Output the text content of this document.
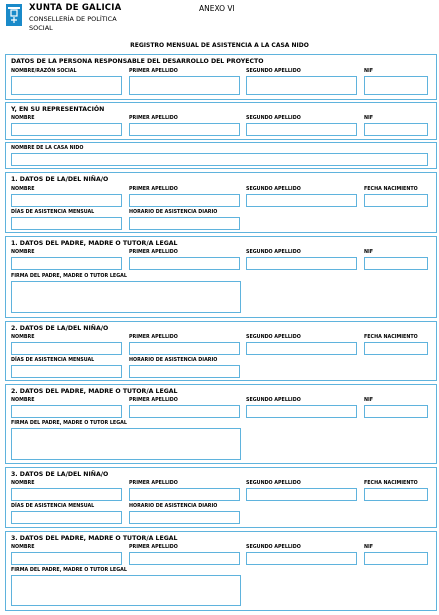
XUNTA DE GALICIA
CONSELLERÍA DE POLÍTICA
SOCIAL
ANEXO VI
REGISTRO MENSUAL DE ASISTENCIA A LA CASA NIDO
DATOS DE LA PERSONA RESPONSABLE DEL DESARROLLO DEL PROYECTO
NOMBRE/RAZÓN SOCIAL	PRIMER APELLIDO	SEGUNDO APELLIDO	NIF
Y, EN SU REPRESENTACIÓN
NOMBRE	PRIMER APELLIDO	SEGUNDO APELLIDO	NIF
NOMBRE DE LA CASA NIDO
1. DATOS DE LA/DEL NIÑA/O
NOMBRE	PRIMER APELLIDO	SEGUNDO APELLIDO	FECHA NACIMIENTO
DÍAS DE ASISTENCIA MENSUAL	HORARIO DE ASISTENCIA DIARIO
1. DATOS DEL PADRE, MADRE O TUTOR/A LEGAL
NOMBRE	PRIMER APELLIDO	SEGUNDO APELLIDO	NIF
FIRMA DEL PADRE, MADRE O TUTOR LEGAL
2. DATOS DE LA/DEL NIÑA/O
NOMBRE	PRIMER APELLIDO	SEGUNDO APELLIDO	FECHA NACIMIENTO
DÍAS DE ASISTENCIA MENSUAL	HORARIO DE ASISTENCIA DIARIO
2. DATOS DEL PADRE, MADRE O TUTOR/A LEGAL
NOMBRE	PRIMER APELLIDO	SEGUNDO APELLIDO	NIF
FIRMA DEL PADRE, MADRE O TUTOR LEGAL
3. DATOS DE LA/DEL NIÑA/O
NOMBRE	PRIMER APELLIDO	SEGUNDO APELLIDO	FECHA NACIMIENTO
DÍAS DE ASISTENCIA MENSUAL	HORARIO DE ASISTENCIA DIARIO
3. DATOS DEL PADRE, MADRE O TUTOR/A LEGAL
NOMBRE	PRIMER APELLIDO	SEGUNDO APELLIDO	NIF
FIRMA DEL PADRE, MADRE O TUTOR LEGAL
